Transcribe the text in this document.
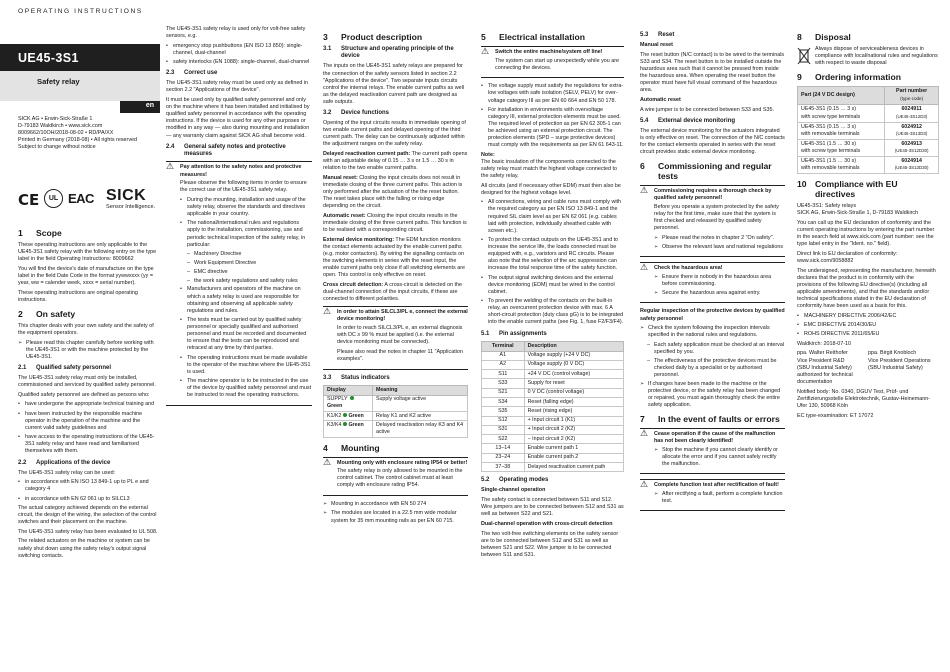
OPERATING INSTRUCTIONS
UE45-3S1
Safety relay
en
SICK AG • Erwin-Sick-Straße 1
D-79183 Waldkirch • www.sick.com
8009662/10OH/2018-08-02 • RD/PA/XX
Printed in Germany (2018-08) • All rights reserved
Subject to change without notice
CE	UL EAC SICK
Sensor Intelligence.
1 Scope

These operating instructions are only applicable to the UE45-3S1 safety relay with the following entry on the type label in the field Operating Instructions: 8009662

You will find the device's date of manufacture on the type label in the field Date Code in the format yywwxxxx (yy = year, ww = calender week, xxxx = serial number).

These operating instructions are original operating instructions.

2 On safety

This chapter deals with your own safety and the safety of the equipment operators.

➢ Please read this chapter carefully before working with the UE45-3S1 or with the machine protected by the UE45-3S1.
2.1	Qualified safety personnel

The UE45-3S1 safety relay must only be installed, commissioned and serviced by qualified safety personnel.

Qualified safety personnel are defined as persons who:

• have undergone the appropriate technical training and
• have been instructed by the responsible machine operator in the operation of the machine and the current valid safety guidelines and
• have access to the operating instructions of the UE45-3S1 safety relay and have read and familiarised themselves with them.
2.2	Applications of the device

The UE45-3S1 safety relay can be used:

• in accordance with EN ISO 13 849-1 up to PL e and category 4
• in accordance with EN 62 061 up to SILCL3

The actual category achieved depends on the external circuit, the design of the wiring, the selection of the control switches and their placement on the machine.

The UE45-3S1 safety relay has been evaluated to UL 508.

The related actuators on the machine or system can be safely shut down using the safety relay's output signal switching contacts.

The UE45-3S1 safety relay is used only for volt-free safety sensors, e.g.

• emergency stop pushbuttons (EN ISO 13 850): single-channel, dual-channel
• safety interlocks (EN 1088): single-channel, dual-channel
2.3	Correct use

The UE45-3S1 safety relay must be used only as defined in section 2.2 "Applications of the device".

It must be used only by qualified safety personnel and only on the machine where it has been installed and initialised by qualified safety personnel in accordance with the operating instructions. If the device is used for any other purposes or modified in any way — also during mounting and installation — any warranty claim against SICK AG shall become void.

2.4	General safety notes and protective measures
⚠	Pay attention to the safety notes and protective measures!

Please observe the following items in order to ensure the correct use of the UE45-3S1 safety relay.

• During the mounting, installation and usage of the safety relay, observe the standards and directives applicable in your country.
• The national/international rules and regulations apply to the installation, commissioning, use and periodic technical inspection of the safety relay, in particular:
– Machinery Directive
– Work Equipment Directive
– EMC directive
– the work safety regulations and safety rules
• Manufacturers and operators of the machine on which a safety relay is used are responsible for obtaining and observing all applicable safety regulations and rules.
• The tests must be carried out by qualified safety personnel or specially qualified and authorised personnel and must be recorded and documented to ensure that the tests can be reproduced and retraced at any time by third parties.
• The operating instructions must be made available to the operator of the machine where the UE45-3S1 is used.
• The machine operator is to be instructed in the use of the device by qualified safety personnel and must be instructed to read the operating instructions.
3 Product description
3.1	Structure and operating principle of the device

The inputs on the UE45-3S1 safety relays are prepared for the connection of the safety sensors listed in section 2.2 "Applications of the device". Two separate inputs circuits control the internal relays. The enable current paths as well as the delayed reactivation current path are designed as safe outputs.

3.2	Device functions

Opening of the input circuits results in immediate opening of two enable current paths and delayed opening of the third current path. The delay can be continuously adjusted within the adjustment ranges on the safety relay.

Delayed reactivation current path: The current path opens with an adjustable delay of 0.15 … 3 s or 1.5 … 30 s in relation to the two enable current paths.

Manual reset: Closing the input circuits does not result in immediate closing of the three current paths. This action is only performed after the actuation of the the reset button. The reset takes place with the falling or rising edge depending on the circuit.

Automatic reset: Closing the input circuits results in the immediate closing of the three current paths. This function is to be realised with a corresponding circuit.

External device monitoring: The EDM function monitors the contact elements actuated by the enable current paths (e.g. motor contactors). By wiring the signalling contacts on the switching elements in series with the reset input, the enable current paths only close if all switching elements are open. This control is only effective on reset.

Cross circuit detection: A cross-circuit is detected on the dual-channel connection of the input circuits, if these are connected to different polarities.

⚠	In order to attain SILCL3/PL e, connect the external device monitoring!

In order to reach SILCL3/PL e, an external diagnosis with DC ≥ 99 % must be applied (i.e. the external device monitoring must be connected).

Please also read the notes in chapter 11 "Application examples".

3.3	Status indicators
Display	Meaning
SUPPLYGreen	Supply voltage active
K1/K2 Green	Relay K1 and K2 active
K3/K4 Green	Delayed reactivation relay K3 and K4 active
4 Mounting
⚠	Mounting only with enclosure rating IP54 or better!

The safety relay is only allowed to be mounted in the control cabinet. The control cabinet must at least comply with enclosure rating IP54.

➢ Mounting in accordance with EN 50 274
➢ The modules are located in a 22.5 mm wide modular system for 35 mm mounting rails as per EN 60 715.
5 Electrical installation
⚠	Switch the entire machine/system off line!

The system can start up unexpectedly while you are connecting the devices.

• The voltage supply must satisfy the regulations for extra-low voltages with safe isolation (SELV, PELV) for over-voltage category III as per EN 60 664 and EN 50 178.
• For installation in environments with overvoltage category III, external protection elements must be used. The required level of protection as per EN 62 305-1 can be achieved using an external protection circuit. The protection elements (SPD – surge protective devices) must comply with the requirements as per EN 61 643-11.

Note:
The basic insulation of the components connected to the safety relay must match the highest voltage connected to the safety relay.

All circuits (and if necessary other EDM) must then also be designed for the highest voltage level.

• All connections, wiring and cable runs must comply with the required category as per EN ISO 13 849-1 and the required SIL claim level as per EN 62 061 (e.g. cables laid with protection, individually sheathed cable with screen etc.).
• To protect the contact outputs on the UE45-3S1 and to increase the service life, the loads connected must be equipped with, e.g., varistors and RC circuits. Please also note that the selection of the arc suppression can increase the total response time of the safety function.
• The output signal switching devices and the external device monitoring (EDM) must be wired in the control cabinet.
• To prevent the welding of the contacts on the built-in relay, an overcurrent protection device with max. 6 A short-circuit protection (duty class gG) is to be integrated into the enable current paths (see Fig. 1, fuse F2/F3/F4).
5.1	Pin assignments
Terminal	Description
A1	Voltage supply (+24 V DC)
A2	Voltage supply (0 V DC)
S11	+24 V DC (control voltage)
S33	Supply for reset
S21	0 V DC (control voltage)
S34	Reset (falling edge)
S35	Reset (rising edge)
S12	+ Input circuit 1 (K1)
S31	+ Input circuit 2 (K2)
S22	− Input circuit 2 (K2)
13–14	Enable current path 1
23–24	Enable current path 2
37–38	Delayed reactivation current path
5.2	Operating modes

Single-channel operation

The safety contact is connected between S11 and S12. Wire jumpers are to be connected between S12 and S31 as well as between S22 and S21.

Dual-channel operation with cross-circuit detection

The two volt-free switching elements on the safety sensor are to be connected between S12 and S31 as well as between S21 and S22. Wire jumper is to be connected between S11 and S31.

5.3	Reset

Manual reset

The reset button (N/C contact) is to be wired to the terminals S33 and S34. The reset button is to be installed outside the hazardous area such that it cannot be pressed from inside the hazardous area. When operating the reset button the operator must have full visual command of the hazardous area.

Automatic reset

A wire jumper is to be connected between S33 and S35.

5.4	External device monitoring

The external device monitoring for the actuators integrated is only effective on reset. The connection of the N/C contacts for the contact elements operated in series with the reset circuit provides static external device monitoring.

6	Commissioning and regular tests
⚠	Commissioning requires a thorough check by qualified safety personnel!

Before you operate a system protected by the safety relay for the first time, make sure that the system is first checked and released by qualified safety personnel.

➢ Please read the notes in chapter 2 "On safety".
➢ Observe the relevant laws and national regulations
⚠	Check the hazardous area!
➢ Ensure there is nobody in the hazardous area before commissioning.
➢ Secure the hazardous area against entry.

Regular inspection of the protective devices by qualified safety personnel

➢ Check the system following the inspection intervals specified in the national rules and regulations.
– Each safety application must be checked at an interval specified by you.
– The effectiveness of the protective devices must be checked daily by a specialist or by authorised personnel.
➢ If changes have been made to the machine or the protective device, or the safety relay has been changed or repaired, you must again thoroughly check the entire safety application.
7 In the event of faults or errors
⚠	Cease operation if the cause of the malfunction has not been clearly identified!
➢ Stop the machine if you cannot clearly identify or allocate the error and if you cannot safely rectify the malfunction.
⚠	Complete function test after rectification of fault!
➢ After rectifying a fault, perform a complete function test.
8 Disposal
Always dispose of serviceableness devices in compliance with local/national rules and regulations with respect to waste disposal
9 Ordering information
Part (24 V DC design)	Part number
(type code)
UE45-3S1 (0.15 … 3 s)
with screw type terminals	6024911
(UE45-3S12D3)

UE45-3S1 (0.15 … 3 s)
with removable terminals	6024912
(UE45-3S13D3)

UE45-3S1 (1.5 … 30 s)
with screw type terminals	6024913
(UE45-3S12D30)

UE45-3S1 (1.5 … 30 s)
with removable terminals	6024914
(UE45-3S13D30)
10 Compliance with EU directives

UE45-3S1: Safety relays

SICK AG, Erwin-Sick-Straße 1, D-79183 Waldkirch

You can call up the EU declaration of conformity and the current operating instructions by entering the part number in the search field at www.sick.com (part number: see the type label entry in the "Ident. no." field).

Direct link to EU declaration of conformity: www.sick.com/9058882

The undersigned, representing the manufacturer, herewith declares that the product is in conformity with the provisions of the following EU directive(s) (including all applicable amendments), and that the standards and/or technical specifications stated in the EU declaration of conformity have been used as a basis for this.

• MACHINERY DIRECTIVE 2006/42/EC
• EMC DIRECTIVE 2014/30/EU
• ROHS DIRECTIVE 2011/65/EU

Waldkirch: 2018-07-10

ppa. Walter Reithofer
Vice President R&D
(SBU Industrial Safety)
authorized for technical
documentation
ppa. Birgit Knobloch
Vice President Operations
(SBU Industrial Safety)

Notified body: No. 0340, DGUV Test, Prüf- und Zertifizierungsstelle Elektrotechnik, Gustav-Heinemann-Ufer 130, 50968 Köln

EC type-examination: ET 17072
